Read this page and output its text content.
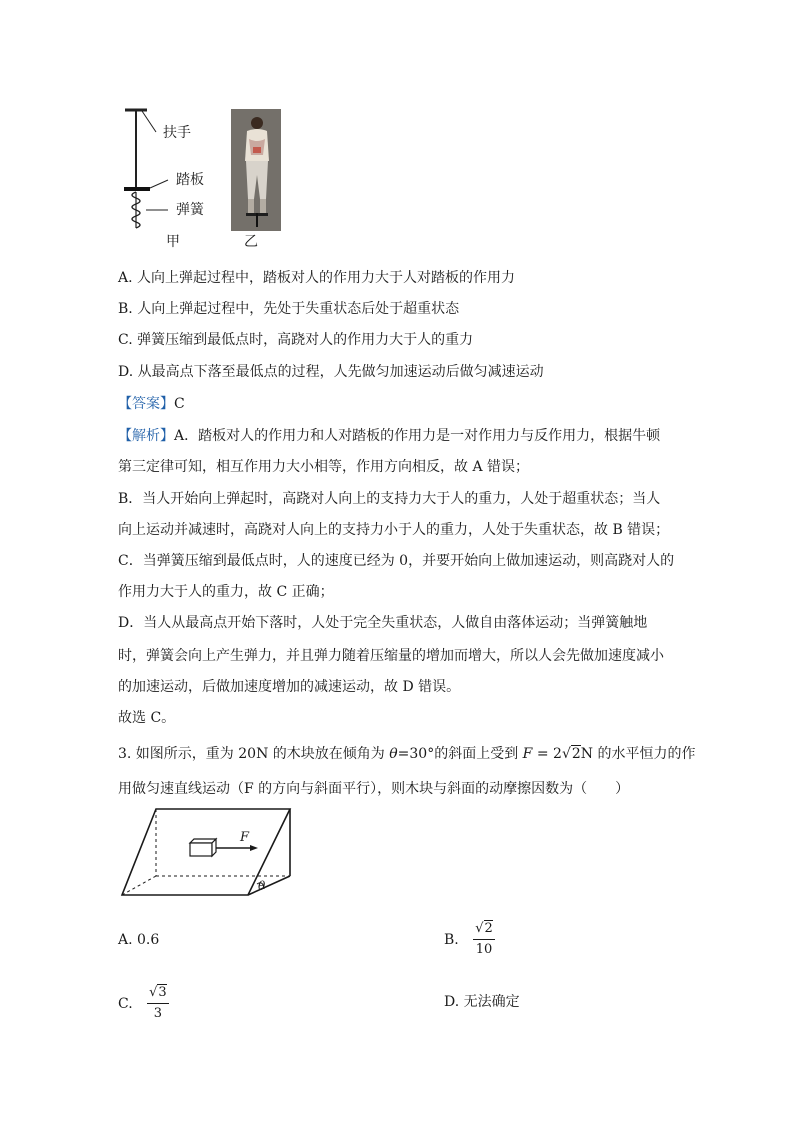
扶手
踏板
弹簧
甲	乙
A. 人向上弹起过程中，踏板对人的作用力大于人对踏板的作用力
B. 人向上弹起过程中，先处于失重状态后处于超重状态
C. 弹簧压缩到最低点时，高跷对人的作用力大于人的重力
D. 从最高点下落至最低点的过程，人先做匀加速运动后做匀减速运动
【答案】C
【解析】A．踏板对人的作用力和人对踏板的作用力是一对作用力与反作用力，根据牛顿
第三定律可知，相互作用力大小相等，作用方向相反，故 A 错误；
B．当人开始向上弹起时，高跷对人向上的支持力大于人的重力，人处于超重状态；当人
向上运动并减速时，高跷对人向上的支持力小于人的重力，人处于失重状态，故 B 错误；
C．当弹簧压缩到最低点时，人的速度已经为 0，并要开始向上做加速运动，则高跷对人的
作用力大于人的重力，故 C 正确；
D．当人从最高点开始下落时，人处于完全失重状态，人做自由落体运动；当弹簧触地
时，弹簧会向上产生弹力，并且弹力随着压缩量的增加而增大，所以人会先做加速度减小
的加速运动，后做加速度增加的减速运动，故 D 错误。
故选 C。
3. 如图所示，重为 20N 的木块放在倾角为 θ=30°的斜面上受到 F = 2√2N 的水平恒力的作
用做匀速直线运动（F 的方向与斜面平行），则木块与斜面的动摩擦因数为（　　）
F
θ
A. 0.6	B. $\frac{√2}{10}$
C. $\frac{√3}{3}$	D. 无法确定
